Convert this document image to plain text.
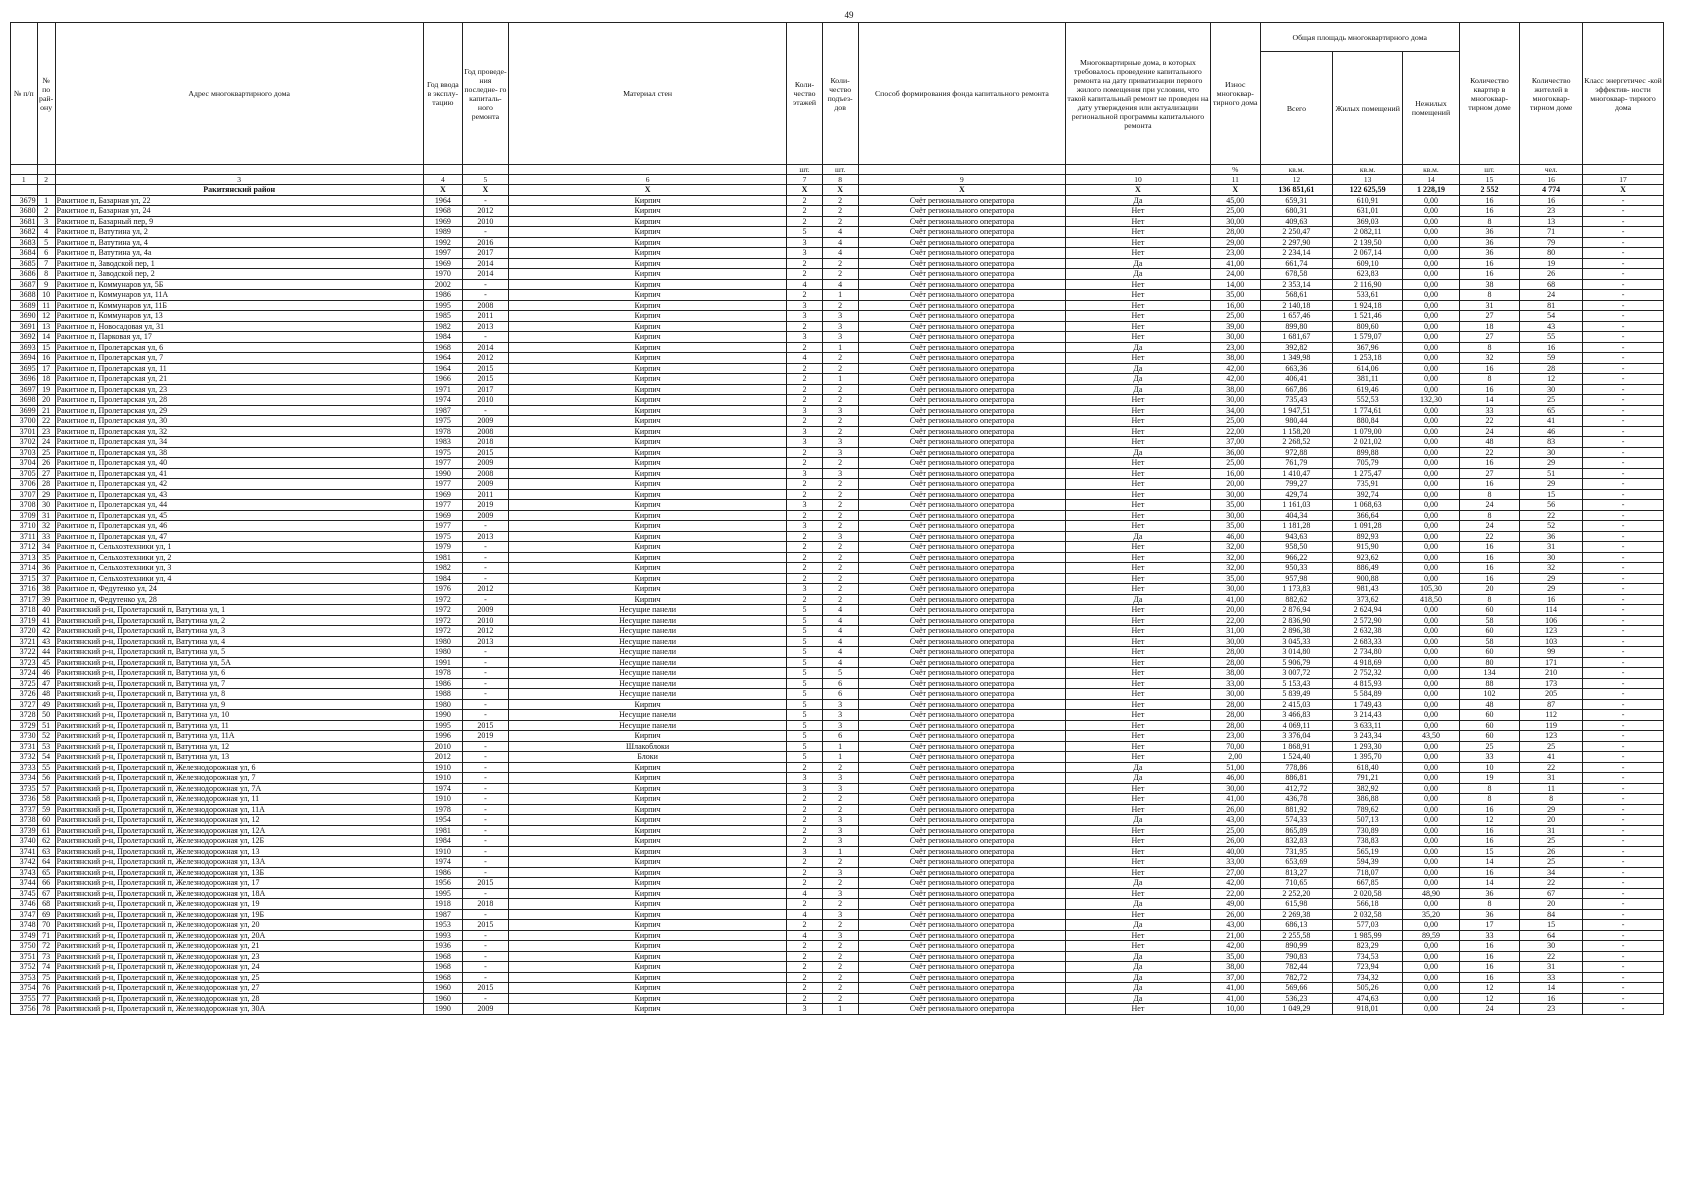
49
№ п/п	№ по рай- ону	Адрес многоквартирного дома	Год ввода в эксплу- тацию	Год проведе- ния последне- го капиталь- ного ремонта	Материал стен	Коли- чество этажей	Коли- чество подъез- дов	Способ формирования фонда капитального ремонта	Многоквартирные дома, в которых требовалось проведение капитального ремонта на дату приватизации первого жилого помещения при условии, что такой капитальный ремонт не проведен на дату утверждения или актуализации региональной программы капитального ремонта	Износ многоквар- тирного дома	Общая площадь многоквартирного дома			Количество квартир в многоквар- тирном доме	Количество жителей в многоквар- тирном доме	Класс энергетичес -кой эффектив- ности многоквар- тирного дома
											Всего	Жилых помещений	Нежилых помещений			
						шт.	шт.			%	кв.м.	кв.м.	кв.м.	шт.	чел.	
1	2	3	4	5	6	7	8	9	10	11	12	13	14	15	16	17
		Ракитянский район	X	X	X	X	X	X	X	X	136 851,61	122 625,59	1 228,19	2 552	4 774	X
3679	1	Ракитное п, Базарная ул, 22	1964	-	Кирпич	2	2	Счёт регионального оператора	Да	45,00	659,31	610,91	0,00	16	16	-
3680	2	Ракитное п, Базарная ул, 24	1968	2012	Кирпич	2	2	Счёт регионального оператора	Нет	25,00	680,31	631,01	0,00	16	23	-
3681	3	Ракитное п, Базарный пер, 9	1969	2010	Кирпич	2	2	Счёт регионального оператора	Нет	30,00	409,63	369,03	0,00	8	13	-
3682	4	Ракитное п, Ватутина ул, 2	1989	-	Кирпич	5	4	Счёт регионального оператора	Нет	28,00	2 250,47	2 082,11	0,00	36	71	-
3683	5	Ракитное п, Ватутина ул, 4	1992	2016	Кирпич	3	4	Счёт регионального оператора	Нет	29,00	2 297,90	2 139,50	0,00	36	79	-
3684	6	Ракитное п, Ватутина ул, 4а	1997	2017	Кирпич	3	4	Счёт регионального оператора	Нет	23,00	2 234,14	2 067,14	0,00	36	80	-
3685	7	Ракитное п, Заводской пер, 1	1969	2014	Кирпич	2	2	Счёт регионального оператора	Да	41,00	661,74	609,10	0,00	16	19	-
3686	8	Ракитное п, Заводской пер, 2	1970	2014	Кирпич	2	2	Счёт регионального оператора	Да	24,00	678,58	623,83	0,00	16	26	-
3687	9	Ракитное п, Коммунаров ул, 5Б	2002	-	Кирпич	4	4	Счёт регионального оператора	Нет	14,00	2 353,14	2 116,90	0,00	38	68	-
3688	10	Ракитное п, Коммунаров ул, 11А	1986	-	Кирпич	2	1	Счёт регионального оператора	Нет	35,00	568,61	533,61	0,00	8	24	-
3689	11	Ракитное п, Коммунаров ул, 11Б	1995	2008	Кирпич	3	2	Счёт регионального оператора	Нет	16,00	2 140,18	1 924,18	0,00	31	81	-
3690	12	Ракитное п, Коммунаров ул, 13	1985	2011	Кирпич	3	3	Счёт регионального оператора	Нет	25,00	1 657,46	1 521,46	0,00	27	54	-
3691	13	Ракитное п, Новосадовая ул, 31	1982	2013	Кирпич	2	3	Счёт регионального оператора	Нет	39,00	899,80	809,60	0,00	18	43	-
3692	14	Ракитное п, Парковая ул, 17	1984	-	Кирпич	3	3	Счёт регионального оператора	Нет	30,00	1 681,67	1 579,07	0,00	27	55	-
3693	15	Ракитное п, Пролетарская ул, 6	1968	2014	Кирпич	2	1	Счёт регионального оператора	Да	23,00	392,82	367,96	0,00	8	16	-
3694	16	Ракитное п, Пролетарская ул, 7	1964	2012	Кирпич	4	2	Счёт регионального оператора	Нет	38,00	1 349,98	1 253,18	0,00	32	59	-
3695	17	Ракитное п, Пролетарская ул, 11	1964	2015	Кирпич	2	2	Счёт регионального оператора	Да	42,00	663,36	614,06	0,00	16	28	-
3696	18	Ракитное п, Пролетарская ул, 21	1966	2015	Кирпич	2	1	Счёт регионального оператора	Да	42,00	406,41	381,11	0,00	8	12	-
3697	19	Ракитное п, Пролетарская ул, 23	1971	2017	Кирпич	2	2	Счёт регионального оператора	Да	38,00	667,86	619,46	0,00	16	30	-
3698	20	Ракитное п, Пролетарская ул, 28	1974	2010	Кирпич	2	2	Счёт регионального оператора	Нет	30,00	735,43	552,53	132,30	14	25	-
3699	21	Ракитное п, Пролетарская ул, 29	1987	-	Кирпич	3	3	Счёт регионального оператора	Нет	34,00	1 947,51	1 774,61	0,00	33	65	-
3700	22	Ракитное п, Пролетарская ул, 30	1975	2009	Кирпич	2	2	Счёт регионального оператора	Нет	25,00	980,44	880,84	0,00	22	41	-
3701	23	Ракитное п, Пролетарская ул, 32	1978	2008	Кирпич	3	2	Счёт регионального оператора	Нет	22,00	1 158,20	1 079,00	0,00	24	46	-
3702	24	Ракитное п, Пролетарская ул, 34	1983	2018	Кирпич	3	3	Счёт регионального оператора	Нет	37,00	2 268,52	2 021,02	0,00	48	83	-
3703	25	Ракитное п, Пролетарская ул, 38	1975	2015	Кирпич	2	3	Счёт регионального оператора	Да	36,00	972,88	899,88	0,00	22	30	-
3704	26	Ракитное п, Пролетарская ул, 40	1977	2009	Кирпич	2	2	Счёт регионального оператора	Нет	25,00	761,79	705,79	0,00	16	29	-
3705	27	Ракитное п, Пролетарская ул, 41	1990	2008	Кирпич	3	3	Счёт регионального оператора	Нет	16,00	1 410,47	1 275,47	0,00	27	51	-
3706	28	Ракитное п, Пролетарская ул, 42	1977	2009	Кирпич	2	2	Счёт регионального оператора	Нет	20,00	799,27	735,91	0,00	16	29	-
3707	29	Ракитное п, Пролетарская ул, 43	1969	2011	Кирпич	2	2	Счёт регионального оператора	Нет	30,00	429,74	392,74	0,00	8	15	-
3708	30	Ракитное п, Пролетарская ул, 44	1977	2019	Кирпич	3	2	Счёт регионального оператора	Нет	35,00	1 161,03	1 068,63	0,00	24	56	-
3709	31	Ракитное п, Пролетарская ул, 45	1969	2009	Кирпич	2	2	Счёт регионального оператора	Нет	30,00	404,34	366,64	0,00	8	22	-
3710	32	Ракитное п, Пролетарская ул, 46	1977	-	Кирпич	3	2	Счёт регионального оператора	Нет	35,00	1 181,28	1 091,28	0,00	24	52	-
3711	33	Ракитное п, Пролетарская ул, 47	1975	2013	Кирпич	2	3	Счёт регионального оператора	Да	46,00	943,63	892,93	0,00	22	36	-
3712	34	Ракитное п, Сельхозтехники ул, 1	1979	-	Кирпич	2	2	Счёт регионального оператора	Нет	32,00	958,50	915,90	0,00	16	31	-
3713	35	Ракитное п, Сельхозтехники ул, 2	1981	-	Кирпич	2	2	Счёт регионального оператора	Нет	32,00	966,22	923,62	0,00	16	30	-
3714	36	Ракитное п, Сельхозтехники ул, 3	1982	-	Кирпич	2	2	Счёт регионального оператора	Нет	32,00	950,33	886,49	0,00	16	32	-
3715	37	Ракитное п, Сельхозтехники ул, 4	1984	-	Кирпич	2	2	Счёт регионального оператора	Нет	35,00	957,98	900,88	0,00	16	29	-
3716	38	Ракитное п, Федутенко ул, 24	1976	2012	Кирпич	3	2	Счёт регионального оператора	Нет	30,00	1 173,83	981,43	105,30	20	29	-
3717	39	Ракитное п, Федутенко ул, 28	1972	-	Кирпич	2	2	Счёт регионального оператора	Да	41,00	882,62	373,62	418,50	8	16	-
3718	40	Ракитянский р-н, Пролетарский п, Ватутина ул, 1	1972	2009	Несущие панели	5	4	Счёт регионального оператора	Нет	20,00	2 876,94	2 624,94	0,00	60	114	-
3719	41	Ракитянский р-н, Пролетарский п, Ватутина ул, 2	1972	2010	Несущие панели	5	4	Счёт регионального оператора	Нет	22,00	2 836,90	2 572,90	0,00	58	106	-
3720	42	Ракитянский р-н, Пролетарский п, Ватутина ул, 3	1972	2012	Несущие панели	5	4	Счёт регионального оператора	Нет	31,00	2 896,38	2 632,38	0,00	60	123	-
3721	43	Ракитянский р-н, Пролетарский п, Ватутина ул, 4	1980	2013	Несущие панели	5	4	Счёт регионального оператора	Нет	30,00	3 045,33	2 683,33	0,00	58	103	-
3722	44	Ракитянский р-н, Пролетарский п, Ватутина ул, 5	1980	-	Несущие панели	5	4	Счёт регионального оператора	Нет	28,00	3 014,80	2 734,80	0,00	60	99	-
3723	45	Ракитянский р-н, Пролетарский п, Ватутина ул, 5А	1991	-	Несущие панели	5	4	Счёт регионального оператора	Нет	28,00	5 906,79	4 918,69	0,00	80	171	-
3724	46	Ракитянский р-н, Пролетарский п, Ватутина ул, 6	1978	-	Несущие панели	5	5	Счёт регионального оператора	Нет	38,00	3 007,72	2 752,32	0,00	134	210	-
3725	47	Ракитянский р-н, Пролетарский п, Ватутина ул, 7	1986	-	Несущие панели	5	6	Счёт регионального оператора	Нет	33,00	5 153,43	4 815,93	0,00	88	173	-
3726	48	Ракитянский р-н, Пролетарский п, Ватутина ул, 8	1988	-	Несущие панели	5	6	Счёт регионального оператора	Нет	30,00	5 839,49	5 584,89	0,00	102	205	-
3727	49	Ракитянский р-н, Пролетарский п, Ватутина ул, 9	1980	-	Кирпич	5	3	Счёт регионального оператора	Нет	28,00	2 415,03	1 749,43	0,00	48	87	-
3728	50	Ракитянский р-н, Пролетарский п, Ватутина ул, 10	1990	-	Несущие панели	5	3	Счёт регионального оператора	Нет	28,00	3 466,83	3 214,43	0,00	60	112	-
3729	51	Ракитянский р-н, Пролетарский п, Ватутина ул, 11	1995	2015	Несущие панели	5	3	Счёт регионального оператора	Нет	28,00	4 069,11	3 633,11	0,00	60	119	-
3730	52	Ракитянский р-н, Пролетарский п, Ватутина ул, 11А	1996	2019	Кирпич	5	6	Счёт регионального оператора	Нет	23,00	3 376,04	3 243,34	43,50	60	123	-
3731	53	Ракитянский р-н, Пролетарский п, Ватутина ул, 12	2010	-	Шлакоблоки	5	1	Счёт регионального оператора	Нет	70,00	1 868,91	1 293,30	0,00	25	25	-
3732	54	Ракитянский р-н, Пролетарский п, Ватутина ул, 13	2012	-	Блоки	5	1	Счёт регионального оператора	Нет	2,00	1 524,40	1 395,70	0,00	33	41	-
3733	55	Ракитянский р-н, Пролетарский п, Железнодорожная ул, 6	1910	-	Кирпич	2	2	Счёт регионального оператора	Да	51,00	778,86	618,40	0,00	10	22	-
3734	56	Ракитянский р-н, Пролетарский п, Железнодорожная ул, 7	1910	-	Кирпич	3	3	Счёт регионального оператора	Да	46,00	886,81	791,21	0,00	19	31	-
3735	57	Ракитянский р-н, Пролетарский п, Железнодорожная ул, 7А	1974	-	Кирпич	3	3	Счёт регионального оператора	Нет	30,00	412,72	382,92	0,00	8	11	-
3736	58	Ракитянский р-н, Пролетарский п, Железнодорожная ул, 11	1910	-	Кирпич	2	2	Счёт регионального оператора	Нет	41,00	436,78	386,88	0,00	8	8	-
3737	59	Ракитянский р-н, Пролетарский п, Железнодорожная ул, 11А	1978	-	Кирпич	2	2	Счёт регионального оператора	Нет	26,00	881,92	789,62	0,00	16	29	-
3738	60	Ракитянский р-н, Пролетарский п, Железнодорожная ул, 12	1954	-	Кирпич	2	3	Счёт регионального оператора	Да	43,00	574,33	507,13	0,00	12	20	-
3739	61	Ракитянский р-н, Пролетарский п, Железнодорожная ул, 12А	1981	-	Кирпич	2	3	Счёт регионального оператора	Нет	25,00	865,89	730,89	0,00	16	31	-
3740	62	Ракитянский р-н, Пролетарский п, Железнодорожная ул, 12Б	1984	-	Кирпич	2	3	Счёт регионального оператора	Нет	26,00	832,83	738,83	0,00	16	25	-
3741	63	Ракитянский р-н, Пролетарский п, Железнодорожная ул, 13	1910	-	Кирпич	3	1	Счёт регионального оператора	Нет	40,00	731,95	565,19	0,00	15	26	-
3742	64	Ракитянский р-н, Пролетарский п, Железнодорожная ул, 13А	1974	-	Кирпич	2	2	Счёт регионального оператора	Нет	33,00	653,69	594,39	0,00	14	25	-
3743	65	Ракитянский р-н, Пролетарский п, Железнодорожная ул, 13Б	1986	-	Кирпич	2	3	Счёт регионального оператора	Нет	27,00	813,27	718,07	0,00	16	34	-
3744	66	Ракитянский р-н, Пролетарский п, Железнодорожная ул, 17	1956	2015	Кирпич	2	2	Счёт регионального оператора	Да	42,00	710,65	667,85	0,00	14	22	-
3745	67	Ракитянский р-н, Пролетарский п, Железнодорожная ул, 18А	1995	-	Кирпич	4	3	Счёт регионального оператора	Нет	22,00	2 252,20	2 020,58	48,90	36	67	-
3746	68	Ракитянский р-н, Пролетарский п, Железнодорожная ул, 19	1918	2018	Кирпич	2	2	Счёт регионального оператора	Да	49,00	615,98	566,18	0,00	8	20	-
3747	69	Ракитянский р-н, Пролетарский п, Железнодорожная ул, 19Б	1987	-	Кирпич	4	3	Счёт регионального оператора	Нет	26,00	2 269,38	2 032,58	35,20	36	84	-
3748	70	Ракитянский р-н, Пролетарский п, Железнодорожная ул, 20	1953	2015	Кирпич	2	2	Счёт регионального оператора	Да	43,00	686,13	577,03	0,00	17	15	-
3749	71	Ракитянский р-н, Пролетарский п, Железнодорожная ул, 20А	1993	-	Кирпич	4	3	Счёт регионального оператора	Нет	21,00	2 255,58	1 985,99	89,59	33	64	-
3750	72	Ракитянский р-н, Пролетарский п, Железнодорожная ул, 21	1936	-	Кирпич	2	2	Счёт регионального оператора	Нет	42,00	890,99	823,29	0,00	16	30	-
3751	73	Ракитянский р-н, Пролетарский п, Железнодорожная ул, 23	1968	-	Кирпич	2	2	Счёт регионального оператора	Да	35,00	790,83	734,53	0,00	16	22	-
3752	74	Ракитянский р-н, Пролетарский п, Железнодорожная ул, 24	1968	-	Кирпич	2	2	Счёт регионального оператора	Да	38,00	782,44	723,94	0,00	16	31	-
3753	75	Ракитянский р-н, Пролетарский п, Железнодорожная ул, 25	1968	-	Кирпич	2	2	Счёт регионального оператора	Да	37,00	782,72	734,32	0,00	16	33	-
3754	76	Ракитянский р-н, Пролетарский п, Железнодорожная ул, 27	1960	2015	Кирпич	2	2	Счёт регионального оператора	Да	41,00	569,66	505,26	0,00	12	14	-
3755	77	Ракитянский р-н, Пролетарский п, Железнодорожная ул, 28	1960	-	Кирпич	2	2	Счёт регионального оператора	Да	41,00	536,23	474,63	0,00	12	16	-
3756	78	Ракитянский р-н, Пролетарский п, Железнодорожная ул, 30А	1990	2009	Кирпич	3	1	Счёт регионального оператора	Нет	10,00	1 049,29	918,01	0,00	24	23	-
